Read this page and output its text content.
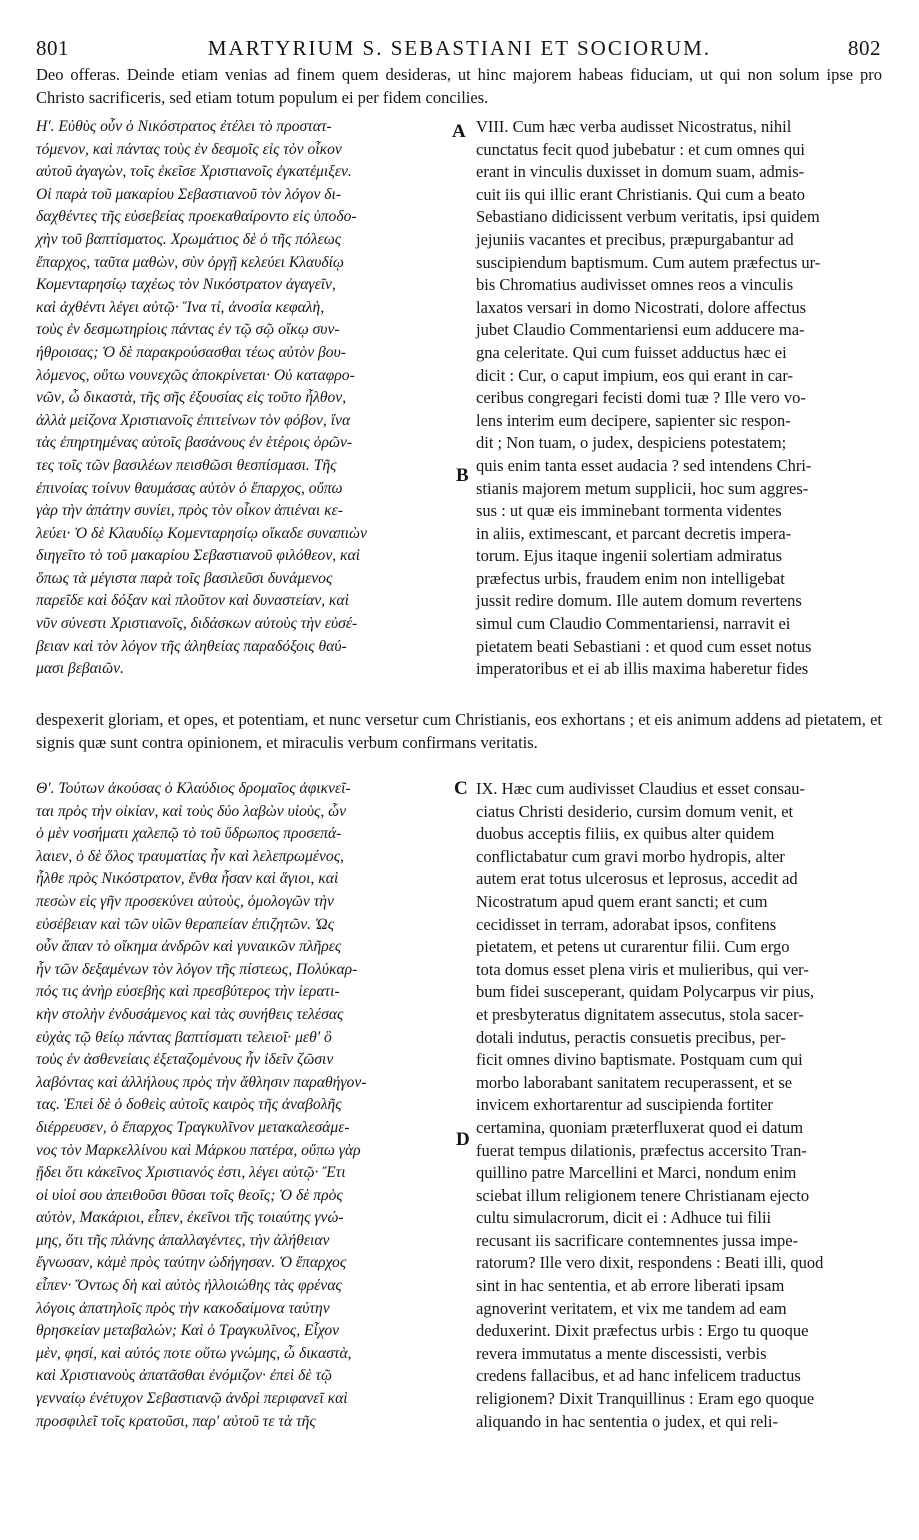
801	MARTYRIUM S. SEBASTIANI ET SOCIORUM.	802

Deo offeras. Deinde etiam venias ad finem quem desideras, ut hinc majorem habeas fiduciam, ut qui non solum ipse pro Christo sacrificeris, sed etiam totum populum ei per fidem concilies.

Η'. Εὐθὺς οὖν ὁ Νικόστρατος ἐτέλει τὸ προστατ-
τόμενον, καὶ πάντας τοὺς ἐν δεσμοῖς εἰς τὸν οἶκον
αὐτοῦ ἀγαγὼν, τοῖς ἐκεῖσε Χριστιανοῖς ἐγκατέμιξεν.
Οἱ παρὰ τοῦ μακαρίου Σεβαστιανοῦ τὸν λόγον δι-
δαχθέντες τῆς εὐσεβείας προεκαθαίροντο εἰς ὑποδο-
χὴν τοῦ βαπτίσματος. Χρωμάτιος δὲ ὁ τῆς πόλεως
ἔπαρχος, ταῦτα μαθὼν, σὺν ὀργῇ κελεύει Κλαυδίῳ
Κομενταρησίῳ ταχέως τὸν Νικόστρατον ἀγαγεῖν,
καὶ ἀχθέντι λέγει αὐτῷ· Ἵνα τί, ἀνοσία κεφαλὴ,
τοὺς ἐν δεσμωτηρίοις πάντας ἐν τῷ σῷ οἴκῳ συν-
ήθροισας; Ὁ δὲ παρακρούσασθαι τέως αὐτὸν βου-
λόμενος, οὕτω νουνεχῶς ἀποκρίνεται· Οὐ καταφρο-
νῶν, ὦ δικαστὰ, τῆς σῆς ἐξουσίας εἰς τοῦτο ἦλθον,
ἀλλὰ μείζονα Χριστιανοῖς ἐπιτείνων τὸν φόβον, ἵνα
τὰς ἐπηρτημένας αὐτοῖς βασάνους ἐν ἑτέροις ὁρῶν-
τες τοῖς τῶν βασιλέων πεισθῶσι θεσπίσμασι. Τῆς
ἐπινοίας τοίνυν θαυμάσας αὐτὸν ὁ ἔπαρχος, οὔπω
γὰρ τὴν ἀπάτην συνίει, πρὸς τὸν οἶκον ἀπιέναι κε-
λεύει· Ὁ δὲ Κλαυδίῳ Κομενταρησίῳ οἴκαδε συναπιὼν
διηγεῖτο τὸ τοῦ μακαρίου Σεβαστιανοῦ φιλόθεον, καὶ
ὅπως τὰ μέγιστα παρὰ τοῖς βασιλεῦσι δυνάμενος
παρεῖδε καὶ δόξαν καὶ πλοῦτον καὶ δυναστείαν, καὶ
νῦν σύνεστι Χριστιανοῖς, διδάσκων αὐτοὺς τὴν εὐσέ-
βειαν καὶ τὸν λόγον τῆς ἀληθείας παραδόξοις θαύ-
μασι βεβαιῶν.

VIII. Cum hæc verba audisset Nicostratus, nihil
cunctatus fecit quod jubebatur : et cum omnes qui
erant in vinculis duxisset in domum suam, admis-
cuit iis qui illic erant Christianis. Qui cum a beato
Sebastiano didicissent verbum veritatis, ipsi quidem
jejuniis vacantes et precibus, præpurgabantur ad
suscipiendum baptismum. Cum autem præfectus ur-
bis Chromatius audivisset omnes reos a vinculis
laxatos versari in domo Nicostrati, dolore affectus
jubet Claudio Commentariensi eum adducere ma-
gna celeritate. Qui cum fuisset adductus hæc ei
dicit : Cur, o caput impium, eos qui erant in car-
ceribus congregari fecisti domi tuæ ? Ille vero vo-
lens interim eum decipere, sapienter sic respon-
dit ; Non tuam, o judex, despiciens potestatem;
quis enim tanta esset audacia ? sed intendens Chri-
stianis majorem metum supplicii, hoc sum aggres-
sus : ut quæ eis imminebant tormenta videntes
in aliis, extimescant, et parcant decretis impera-
torum. Ejus itaque ingenii solertiam admiratus
præfectus urbis, fraudem enim non intelligebat
jussit redire domum. Ille autem domum revertens
simul cum Claudio Commentariensi, narravit ei
pietatem beati Sebastiani : et quod cum esset notus
imperatoribus et ei ab illis maxima haberetur fides

A
B

despexerit gloriam, et opes, et potentiam, et nunc versetur cum Christianis, eos exhortans ; et eis animum addens ad pietatem, et signis quæ sunt contra opinionem, et miraculis verbum confirmans veritatis.

Θ'. Τούτων ἀκούσας ὁ Κλαύδιος δρομαῖος ἀφικνεῖ-
ται πρὸς τὴν οἰκίαν, καὶ τοὺς δύο λαβὼν υἱοὺς, ὧν
ὁ μὲν νοσήματι χαλεπῷ τὸ τοῦ ὕδρωπος προσεπά-
λαιεν, ὁ δὲ ὅλος τραυματίας ἦν καὶ λελεπρωμένος,
ἦλθε πρὸς Νικόστρατον, ἔνθα ἦσαν καὶ ἅγιοι, καὶ
πεσὼν εἰς γῆν προσεκύνει αὐτοὺς, ὁμολογῶν τὴν
εὐσέβειαν καὶ τῶν υἱῶν θεραπείαν ἐπιζητῶν. Ὡς
οὖν ἅπαν τὸ οἴκημα ἀνδρῶν καὶ γυναικῶν πλῆρες
ἦν τῶν δεξαμένων τὸν λόγον τῆς πίστεως, Πολύκαρ-
πός τις ἀνὴρ εὐσεβὴς καὶ πρεσβύτερος τὴν ἱερατι-
κὴν στολὴν ἐνδυσάμενος καὶ τὰς συνήθεις τελέσας
εὐχὰς τῷ θείῳ πάντας βαπτίσματι τελειοῖ· μεθ' ὃ
τοὺς ἐν ἀσθενείαις ἐξεταζομένους ἦν ἰδεῖν ζῶσιν
λαβόντας καὶ ἀλλήλους πρὸς τὴν ἄθλησιν παραθήγον-
τας. Ἐπεὶ δὲ ὁ δοθεὶς αὐτοῖς καιρὸς τῆς ἀναβολῆς
διέρρευσεν, ὁ ἔπαρχος Τραγκυλῖνον μετακαλεσάμε-
νος τὸν Μαρκελλίνου καὶ Μάρκου πατέρα, οὔπω γὰρ
ᾔδει ὅτι κἀκεῖνος Χριστιανός ἐστι, λέγει αὐτῷ· Ἔτι
οἱ υἱοί σου ἀπειθοῦσι θῦσαι τοῖς θεοῖς; Ὁ δὲ πρὸς
αὐτὸν, Μακάριοι, εἶπεν, ἐκεῖνοι τῆς τοιαύτης γνώ-
μης, ὅτι τῆς πλάνης ἀπαλλαγέντες, τὴν ἀλήθειαν
ἔγνωσαν, κἀμὲ πρὸς ταύτην ὠδήγησαν. Ὁ ἔπαρχος
εἶπεν· Ὄντως δὴ καὶ αὐτὸς ἠλλοιώθης τὰς φρένας
λόγοις ἀπατηλοῖς πρὸς τὴν κακοδαίμονα ταύτην
θρησκείαν μεταβαλών; Καὶ ὁ Τραγκυλῖνος, Εἶχον
μὲν, φησί, καὶ αὐτός ποτε οὕτω γνώμης, ὦ δικαστὰ,
καὶ Χριστιανοὺς ἀπατᾶσθαι ἐνόμιζον· ἐπεὶ δὲ τῷ
γενναίῳ ἐνέτυχον Σεβαστιανῷ ἀνδρὶ περιφανεῖ καὶ
προσφιλεῖ τοῖς κρατοῦσι, παρ' αὐτοῦ τε τὰ τῆς

IX. Hæc cum audivisset Claudius et esset consau-
ciatus Christi desiderio, cursim domum venit, et
duobus acceptis filiis, ex quibus alter quidem
conflictabatur cum gravi morbo hydropis, alter
autem erat totus ulcerosus et leprosus, accedit ad
Nicostratum apud quem erant sancti; et cum
cecidisset in terram, adorabat ipsos, confitens
pietatem, et petens ut curarentur filii. Cum ergo
tota domus esset plena viris et mulieribus, qui ver-
bum fidei susceperant, quidam Polycarpus vir pius,
et presbyteratus dignitatem assecutus, stola sacer-
dotali indutus, peractis consuetis precibus, per-
ficit omnes divino baptismate. Postquam cum qui
morbo laborabant sanitatem recuperassent, et se
invicem exhortarentur ad suscipienda fortiter
certamina, quoniam præterfluxerat quod ei datum
fuerat tempus dilationis, præfectus accersito Tran-
quillino patre Marcellini et Marci, nondum enim
sciebat illum religionem tenere Christianam ejecto
cultu simulacrorum, dicit ei : Adhuce tui filii
recusant iis sacrificare contemnentes jussa impe-
ratorum? Ille vero dixit, respondens : Beati illi, quod
sint in hac sententia, et ab errore liberati ipsam
agnoverint veritatem, et vix me tandem ad eam
deduxerint. Dixit præfectus urbis : Ergo tu quoque
revera immutatus a mente discessisti, verbis
credens fallacibus, et ad hanc infelicem traductus
religionem? Dixit Tranquillinus : Eram ego quoque
aliquando in hac sententia o judex, et qui reli-

C
D
